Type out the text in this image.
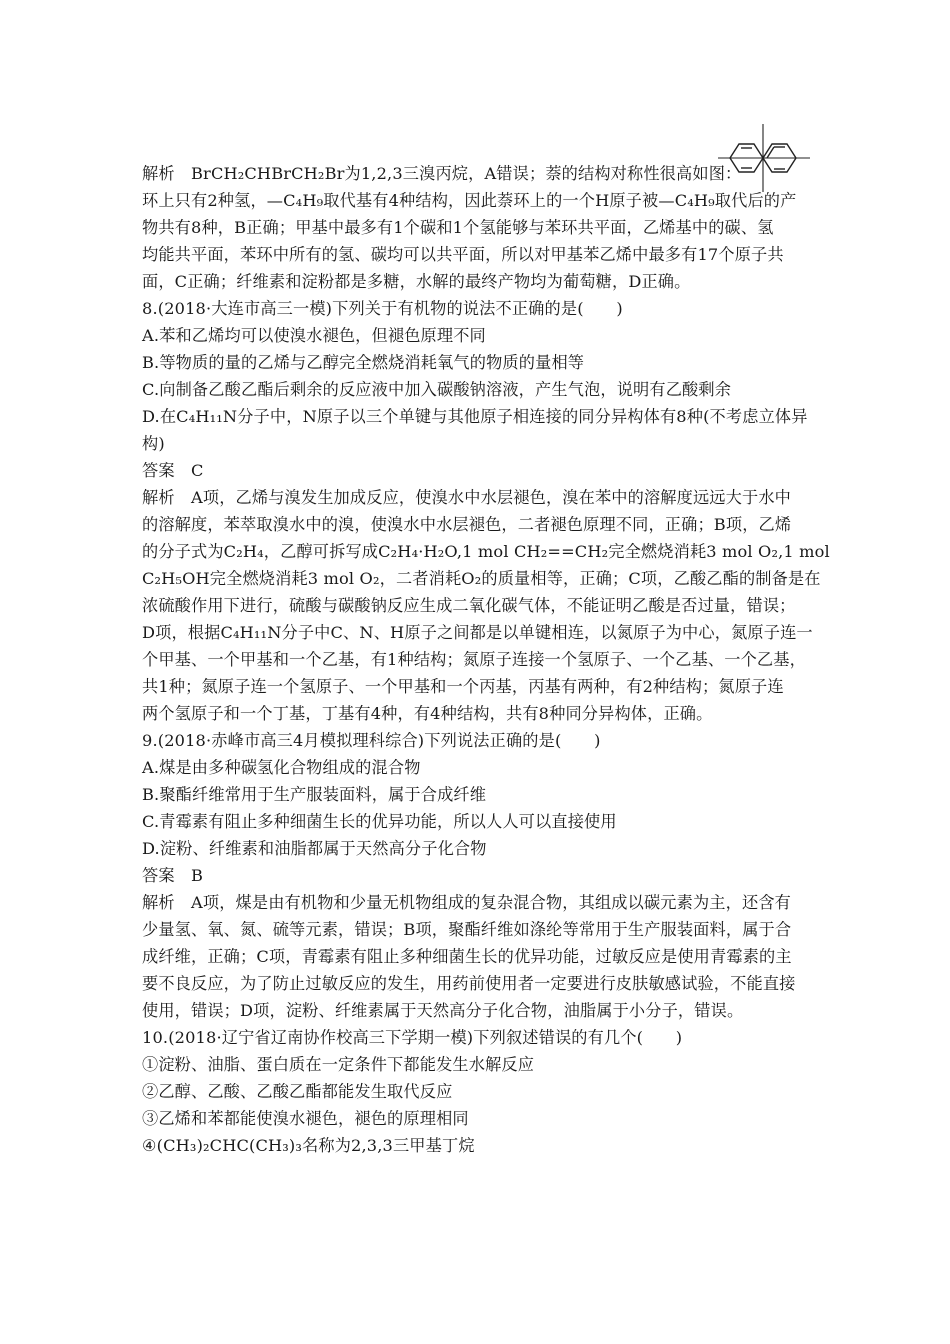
解析　BrCH₂CHBrCH₂Br为1,2,3三溴丙烷，A错误；萘的结构对称性很高如图：
环上只有2种氢，—C₄H₉取代基有4种结构，因此萘环上的一个H原子被—C₄H₉取代后的产
物共有8种，B正确；甲基中最多有1个碳和1个氢能够与苯环共平面，乙烯基中的碳、氢
均能共平面，苯环中所有的氢、碳均可以共平面，所以对甲基苯乙烯中最多有17个原子共
面，C正确；纤维素和淀粉都是多糖，水解的最终产物均为葡萄糖，D正确。
8.(2018·大连市高三一模)下列关于有机物的说法不正确的是(　　)
A.苯和乙烯均可以使溴水褪色，但褪色原理不同
B.等物质的量的乙烯与乙醇完全燃烧消耗氧气的物质的量相等
C.向制备乙酸乙酯后剩余的反应液中加入碳酸钠溶液，产生气泡，说明有乙酸剩余
D.在C₄H₁₁N分子中，N原子以三个单键与其他原子相连接的同分异构体有8种(不考虑立体异
构)
答案　C
解析　A项，乙烯与溴发生加成反应，使溴水中水层褪色，溴在苯中的溶解度远远大于水中
的溶解度，苯萃取溴水中的溴，使溴水中水层褪色，二者褪色原理不同，正确；B项，乙烯
的分子式为C₂H₄，乙醇可拆写成C₂H₄·H₂O,1 mol CH₂==CH₂完全燃烧消耗3 mol O₂,1 mol
C₂H₅OH完全燃烧消耗3 mol O₂，二者消耗O₂的质量相等，正确；C项，乙酸乙酯的制备是在
浓硫酸作用下进行，硫酸与碳酸钠反应生成二氧化碳气体，不能证明乙酸是否过量，错误；
D项，根据C₄H₁₁N分子中C、N、H原子之间都是以单键相连，以氮原子为中心，氮原子连一
个甲基、一个甲基和一个乙基，有1种结构；氮原子连接一个氢原子、一个乙基、一个乙基，
共1种；氮原子连一个氢原子、一个甲基和一个丙基，丙基有两种，有2种结构；氮原子连
两个氢原子和一个丁基，丁基有4种，有4种结构，共有8种同分异构体，正确。
9.(2018·赤峰市高三4月模拟理科综合)下列说法正确的是(　　)
A.煤是由多种碳氢化合物组成的混合物
B.聚酯纤维常用于生产服装面料，属于合成纤维
C.青霉素有阻止多种细菌生长的优异功能，所以人人可以直接使用
D.淀粉、纤维素和油脂都属于天然高分子化合物
答案　B
解析　A项，煤是由有机物和少量无机物组成的复杂混合物，其组成以碳元素为主，还含有
少量氢、氧、氮、硫等元素，错误；B项，聚酯纤维如涤纶等常用于生产服装面料，属于合
成纤维，正确；C项，青霉素有阻止多种细菌生长的优异功能，过敏反应是使用青霉素的主
要不良反应，为了防止过敏反应的发生，用药前使用者一定要进行皮肤敏感试验，不能直接
使用，错误；D项，淀粉、纤维素属于天然高分子化合物，油脂属于小分子，错误。
10.(2018·辽宁省辽南协作校高三下学期一模)下列叙述错误的有几个(　　)
①淀粉、油脂、蛋白质在一定条件下都能发生水解反应
②乙醇、乙酸、乙酸乙酯都能发生取代反应
③乙烯和苯都能使溴水褪色，褪色的原理相同
④(CH₃)₂CHC(CH₃)₃名称为2,3,3三甲基丁烷
